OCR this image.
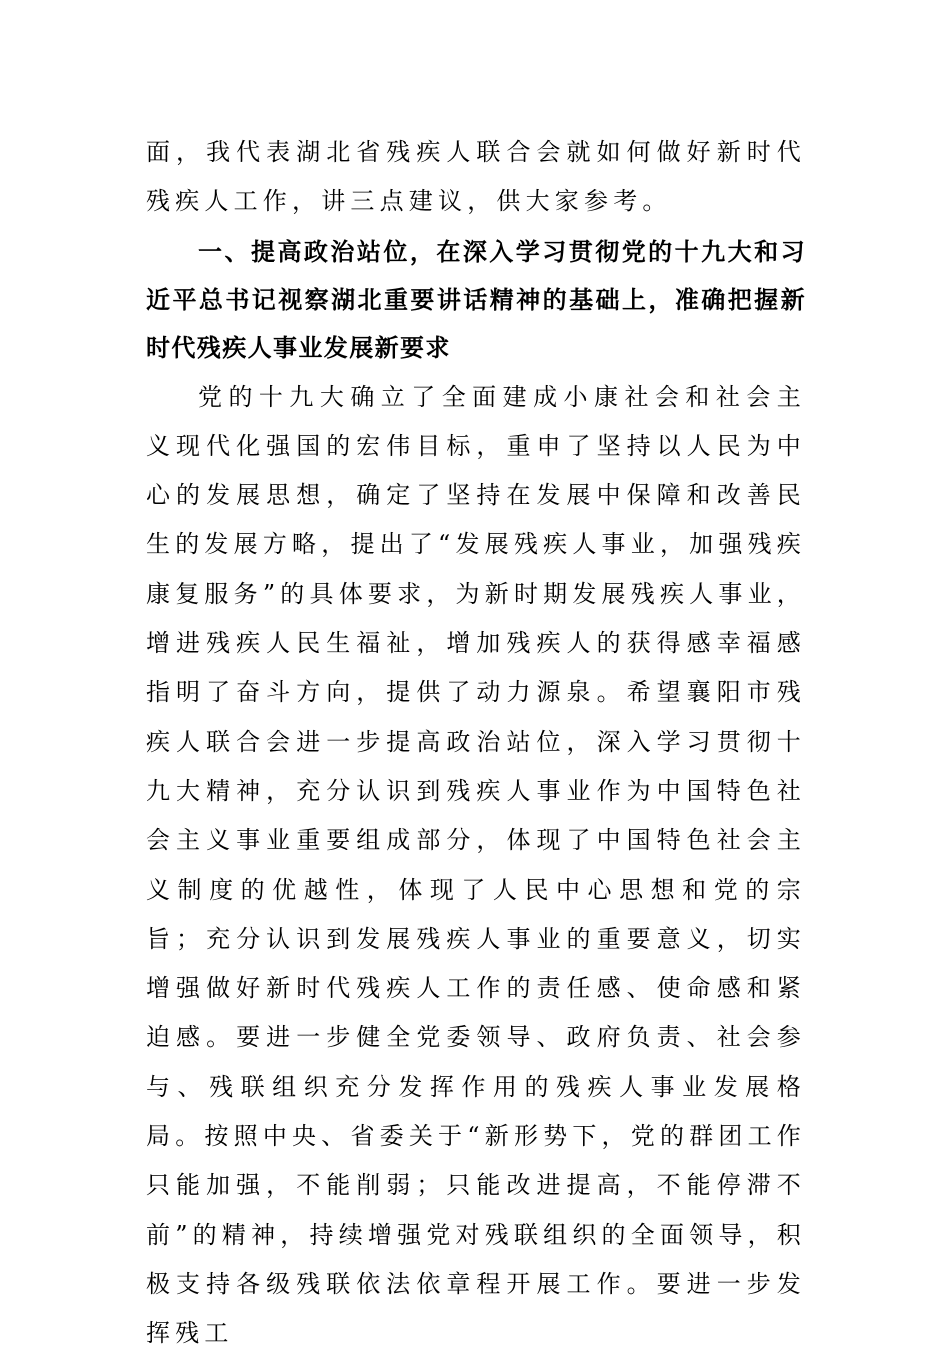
面，我代表湖北省残疾人联合会就如何做好新时代残疾人工作，讲三点建议，供大家参考。

一、提高政治站位，在深入学习贯彻党的十九大和习近平总书记视察湖北重要讲话精神的基础上，准确把握新时代残疾人事业发展新要求

党的十九大确立了全面建成小康社会和社会主义现代化强国的宏伟目标，重申了坚持以人民为中心的发展思想，确定了坚持在发展中保障和改善民生的发展方略，提出了“发展残疾人事业，加强残疾康复服务”的具体要求，为新时期发展残疾人事业，增进残疾人民生福祉，增加残疾人的获得感幸福感指明了奋斗方向，提供了动力源泉。希望襄阳市残疾人联合会进一步提高政治站位，深入学习贯彻十九大精神，充分认识到残疾人事业作为中国特色社会主义事业重要组成部分，体现了中国特色社会主义制度的优越性，体现了人民中心思想和党的宗旨；充分认识到发展残疾人事业的重要意义，切实增强做好新时代残疾人工作的责任感、使命感和紧迫感。要进一步健全党委领导、政府负责、社会参与、残联组织充分发挥作用的残疾人事业发展格局。按照中央、省委关于“新形势下，党的群团工作只能加强，不能削弱；只能改进提高，不能停滞不前”的精神，持续增强党对残联组织的全面领导，积极支持各级残联依法依章程开展工作。要进一步发挥残工
